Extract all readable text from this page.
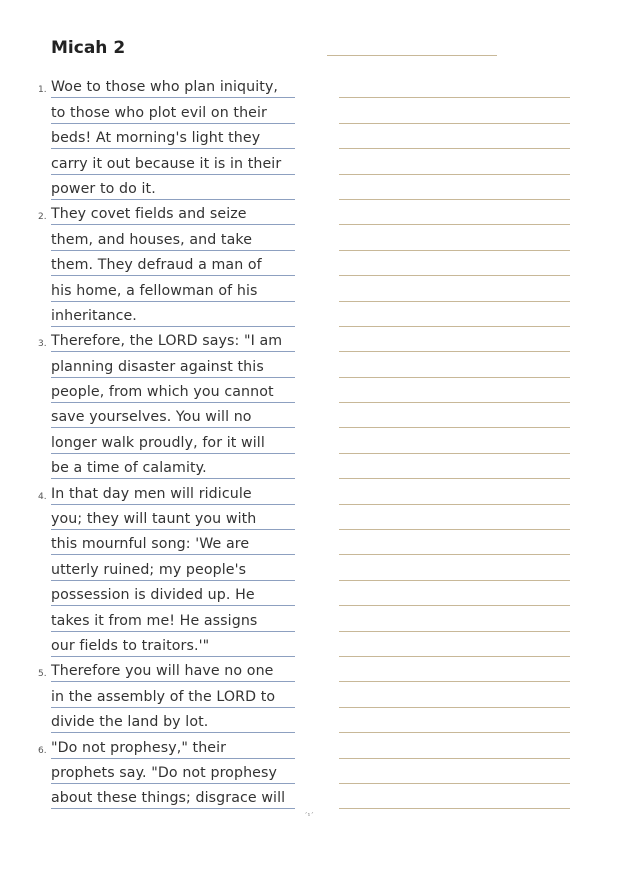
Micah 2
1. Woe to those who plan iniquity,
to those who plot evil on their
beds! At morning's light they
carry it out because it is in their
power to do it.
2. They covet fields and seize
them, and houses, and take
them. They defraud a man of
his home, a fellowman of his
inheritance.
3. Therefore, the LORD says: "I am
planning disaster against this
people, from which you cannot
save yourselves. You will no
longer walk proudly, for it will
be a time of calamity.
4. In that day men will ridicule
you; they will taunt you with
this mournful song: 'We are
utterly ruined; my people's
possession is divided up. He
takes it from me! He assigns
our fields to traitors.'"
5. Therefore you will have no one
in the assembly of the LORD to
divide the land by lot.
6. "Do not prophesy," their
prophets say. "Do not prophesy
about these things; disgrace will
´¹´
